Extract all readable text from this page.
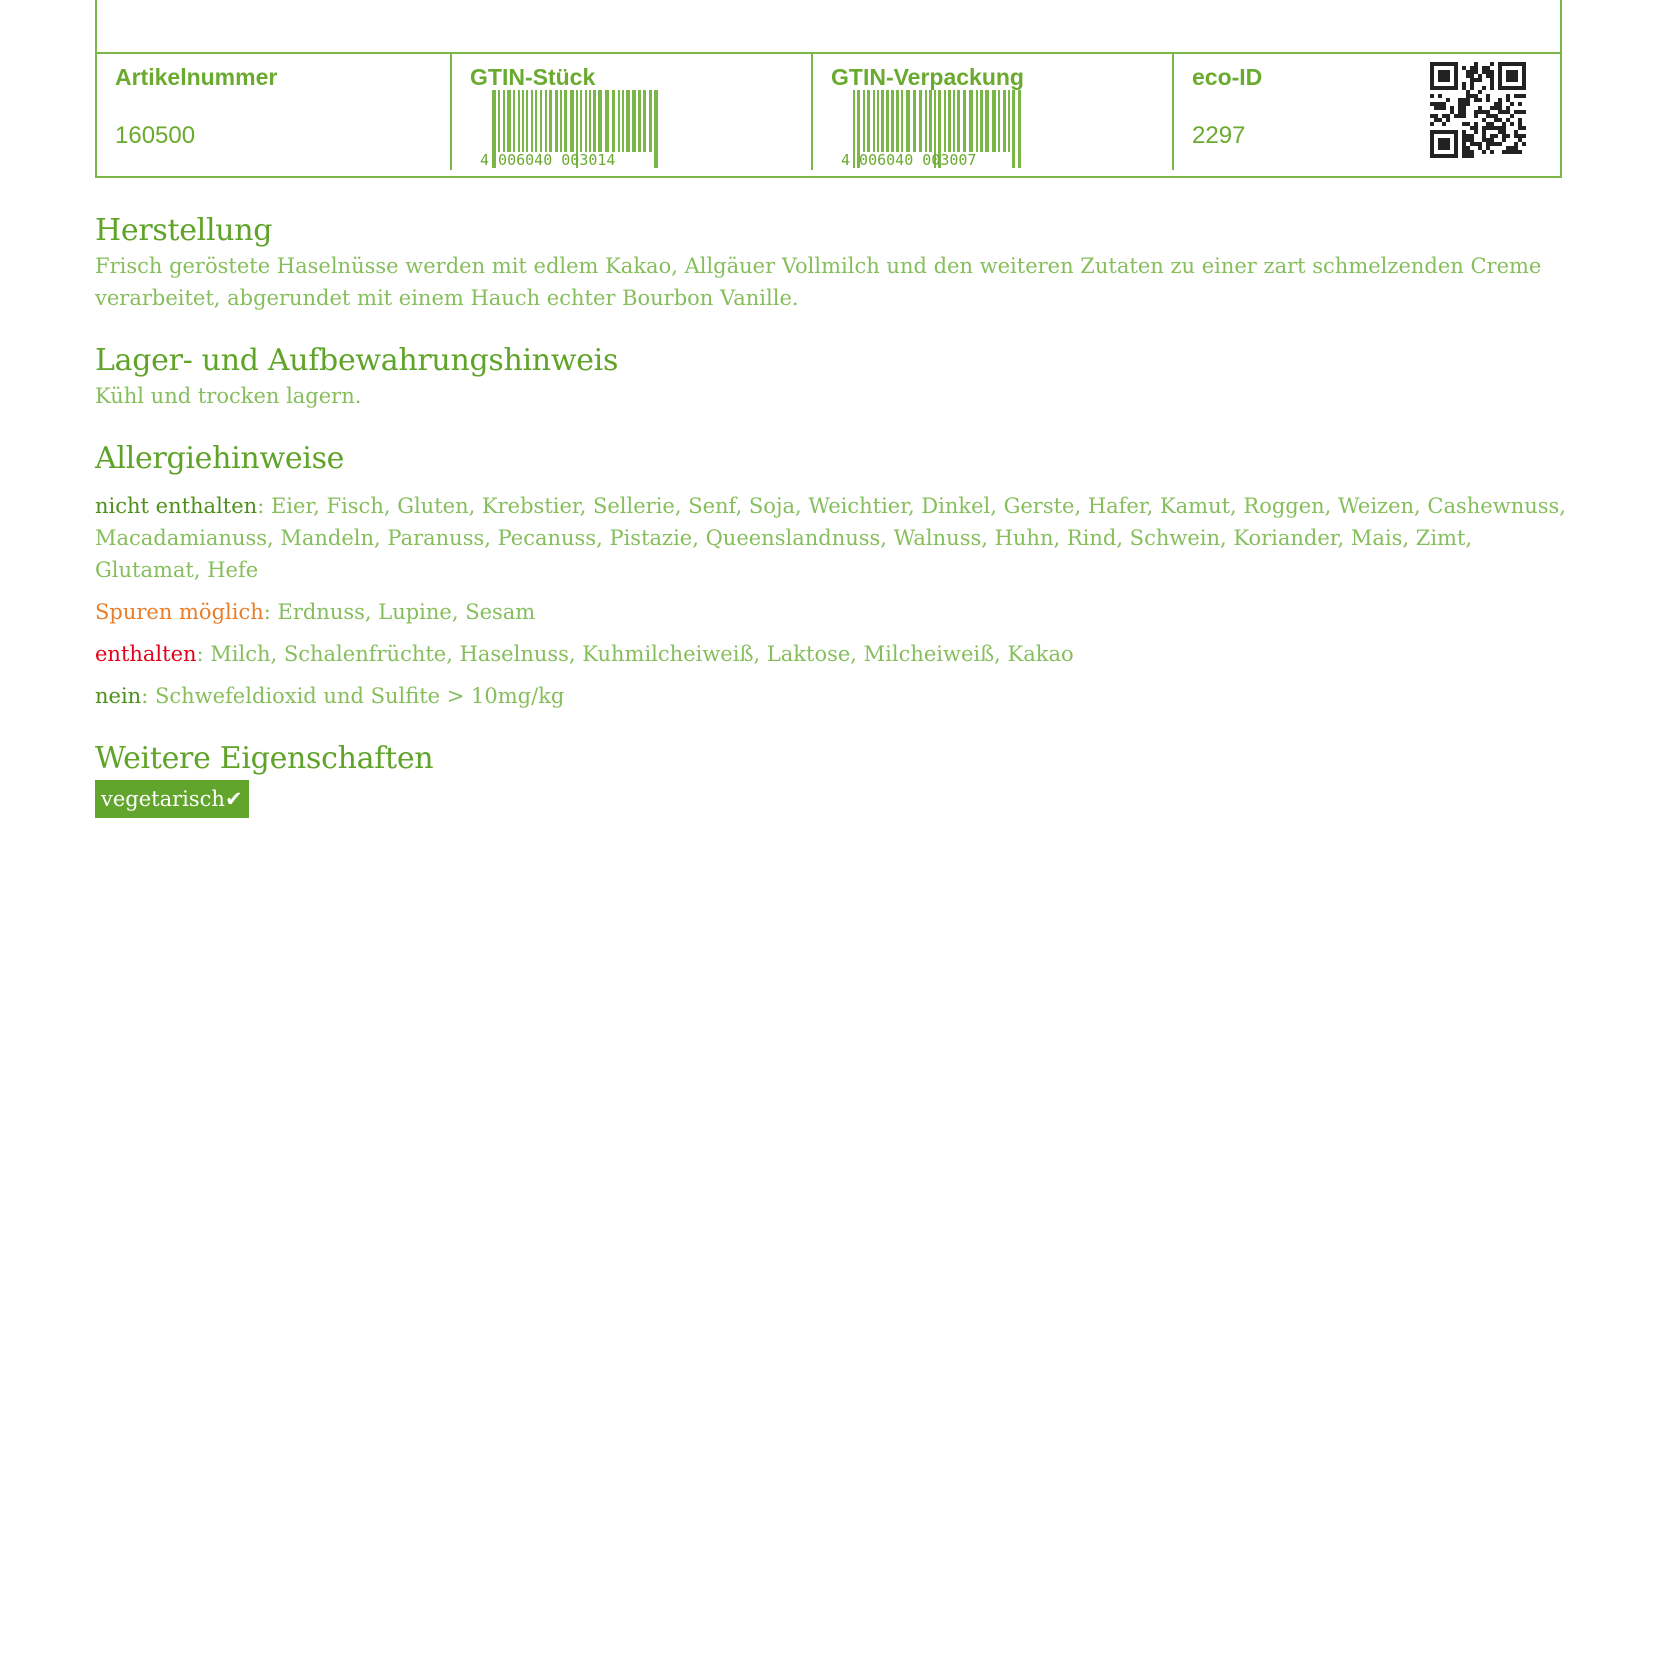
Artikelnummer
160500
GTIN-Stück
4 006040 003014
GTIN-Verpackung
4 006040 003007
eco-ID
2297
Herstellung

Frisch geröstete Haselnüsse werden mit edlem Kakao, Allgäuer Vollmilch und den weiteren Zutaten zu einer zart schmelzenden Creme verarbeitet, abgerundet mit einem Hauch echter Bourbon Vanille.

Lager- und Aufbewahrungshinweis

Kühl und trocken lagern.

Allergiehinweise

nicht enthalten: Eier, Fisch, Gluten, Krebstier, Sellerie, Senf, Soja, Weichtier, Dinkel, Gerste, Hafer, Kamut, Roggen, Weizen, Cashewnuss, Macadamianuss, Mandeln, Paranuss, Pecanuss, Pistazie, Queenslandnuss, Walnuss, Huhn, Rind, Schwein, Koriander, Mais, Zimt, Glutamat, Hefe

Spuren möglich: Erdnuss, Lupine, Sesam

enthalten: Milch, Schalenfrüchte, Haselnuss, Kuhmilcheiweiß, Laktose, Milcheiweiß, Kakao

nein: Schwefeldioxid und Sulfite > 10mg/kg

Weitere Eigenschaften
vegetarisch✔
